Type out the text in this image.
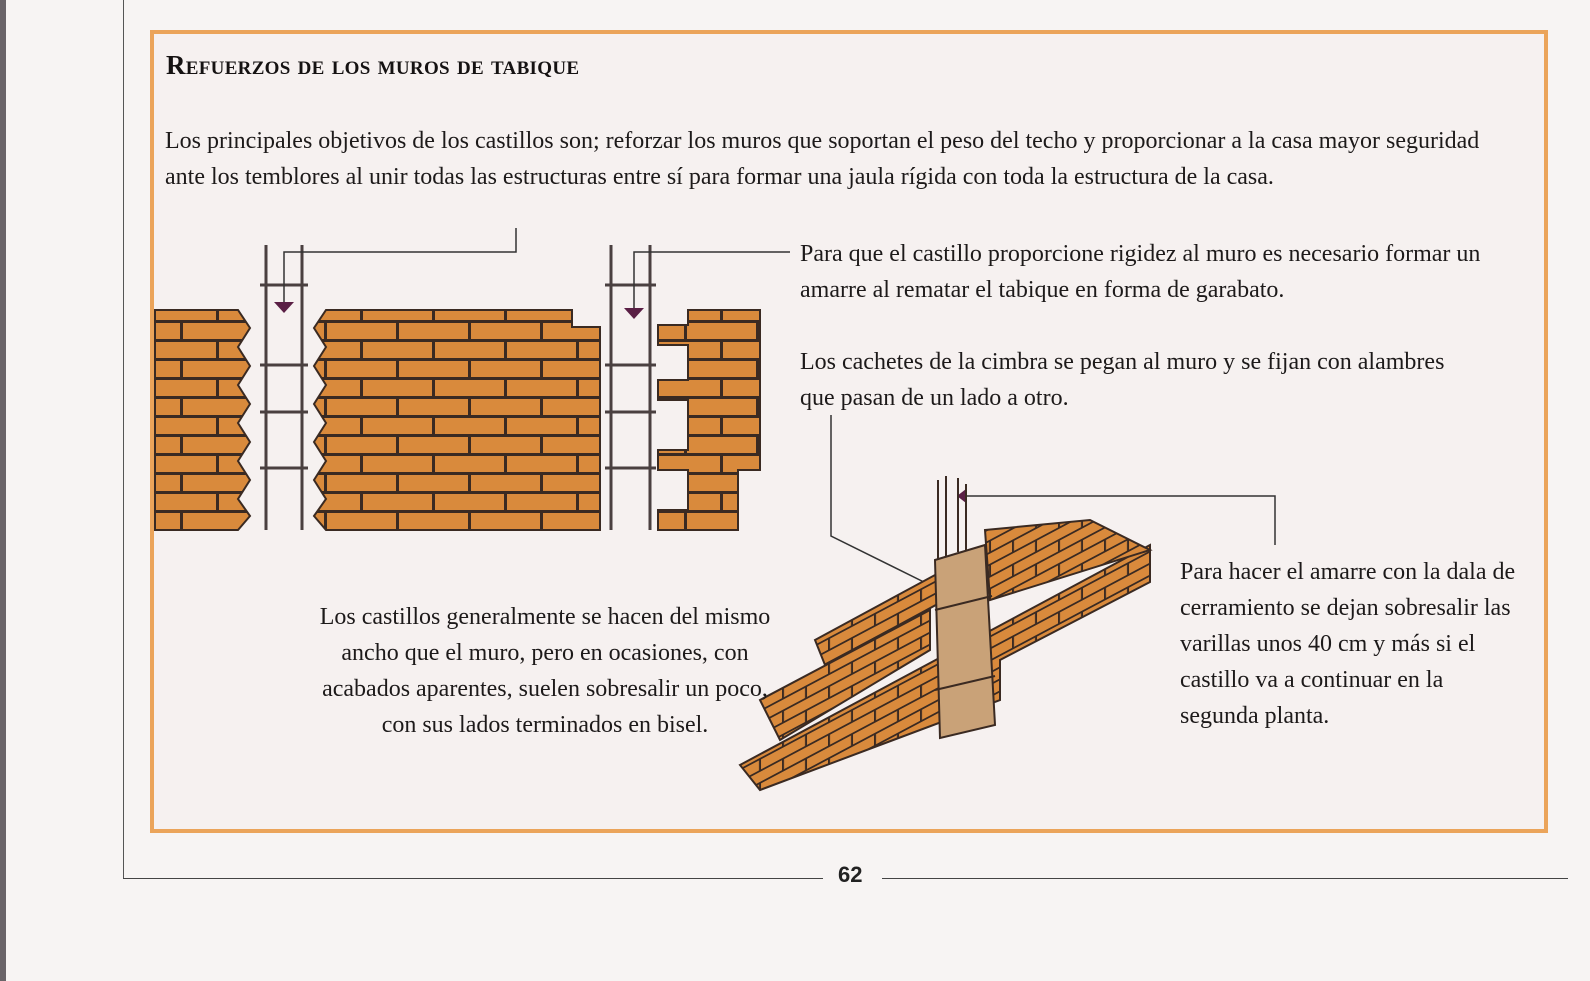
62
Refuerzos de los muros de tabique
Los principales objetivos de los castillos son; reforzar los muros que soportan el peso del techo y proporcionar a la casa mayor seguridad ante los temblores al unir todas las estructuras entre sí para formar una jaula rígida con toda la estructura de la casa.
Para que el castillo proporcione rigidez al muro es necesario formar un amarre al rematar el tabique en forma de garabato.
Los cachetes de la cimbra se pegan al muro y se fijan con alambres que pasan de un lado a otro.
Los castillos generalmente se hacen del mismo ancho que el muro, pero en ocasiones, con acabados aparentes, suelen sobresalir un poco, con sus lados terminados en bisel.
Para hacer el amarre con la dala de cerramiento se dejan sobresalir las varillas unos 40 cm y más si el castillo va a continuar en la segunda planta.
